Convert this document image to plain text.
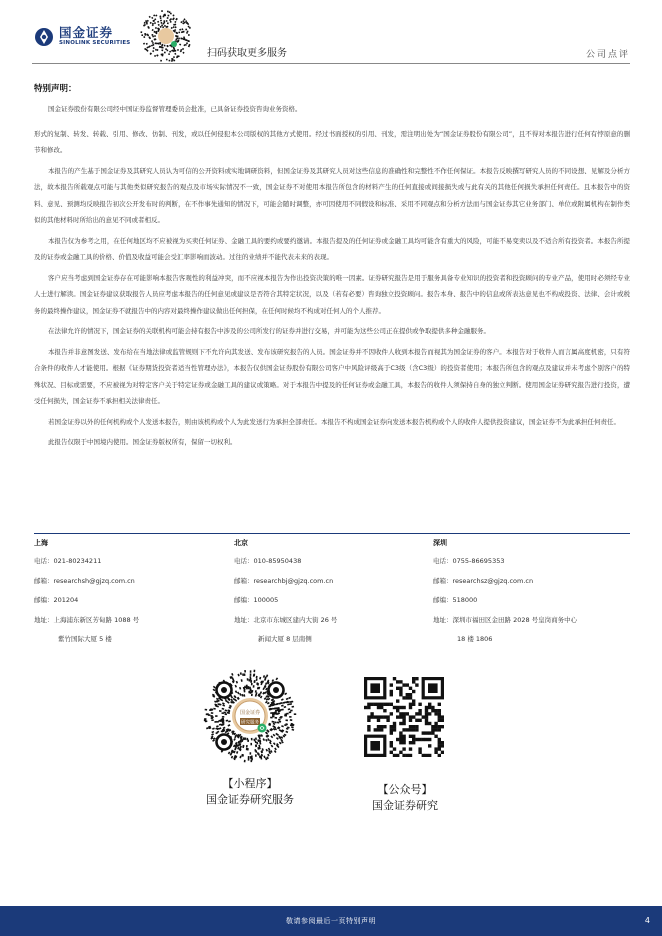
国金证券
SINOLINK SECURITIES
扫码获取更多服务	公司点评
特别声明：

国金证券股份有限公司经中国证券监督管理委员会批准，已具备证券投资咨询业务资格。

形式的复制、转发、转载、引用、修改、仿制、刊发，或以任何侵犯本公司版权的其他方式使用。经过书面授权的引用、刊发，需注明出处为“国金证券股份有限公司”，且不得对本报告进行任何有悖原意的删节和修改。

本报告的产生基于国金证券及其研究人员认为可信的公开资料或实地调研资料，但国金证券及其研究人员对这些信息的准确性和完整性不作任何保证。本报告反映撰写研究人员的不同设想、见解及分析方法，故本报告所载观点可能与其他类似研究报告的观点及市场实际情况不一致，国金证券不对使用本报告所包含的材料产生的任何直接或间接损失或与此有关的其他任何损失承担任何责任。且本报告中的资料、意见、预测均反映报告初次公开发布时的判断，在不作事先通知的情况下，可能会随时调整，亦可因使用不同假设和标准、采用不同观点和分析方法而与国金证券其它业务部门、单位或附属机构在制作类似的其他材料时所给出的意见不同或者相反。

本报告仅为参考之用，在任何地区均不应被视为买卖任何证券、金融工具的要约或要约邀请。本报告提及的任何证券或金融工具均可能含有重大的风险，可能不易变卖以及不适合所有投资者。本报告所提及的证券或金融工具的价格、价值及收益可能会受汇率影响而波动。过往的业绩并不能代表未来的表现。

客户应当考虑到国金证券存在可能影响本报告客观性的利益冲突，而不应视本报告为作出投资决策的唯一因素。证券研究报告是用于服务具备专业知识的投资者和投资顾问的专业产品，使用时必须经专业人士进行解读。国金证券建议获取报告人员应考虑本报告的任何意见或建议是否符合其特定状况，以及（若有必要）咨询独立投资顾问。报告本身、报告中的信息或所表达意见也不构成投资、法律、会计或税务的最终操作建议，国金证券不就报告中的内容对最终操作建议做出任何担保，在任何时候均不构成对任何人的个人推荐。

在法律允许的情况下，国金证券的关联机构可能会持有报告中涉及的公司所发行的证券并进行交易，并可能为这些公司正在提供或争取提供多种金融服务。

本报告并非意图发送、发布给在当地法律或监管规则下不允许向其发送、发布该研究报告的人员。国金证券并不因收件人收到本报告而视其为国金证券的客户。本报告对于收件人而言属高度机密，只有符合条件的收件人才能使用。根据《证券期货投资者适当性管理办法》，本报告仅供国金证券股份有限公司客户中风险评级高于C3级（含C3级）的投资者使用；本报告所包含的观点及建议并未考虑个别客户的特殊状况、目标或需要，不应被视为对特定客户关于特定证券或金融工具的建议或策略。对于本报告中提及的任何证券或金融工具，本报告的收件人须保持自身的独立判断。使用国金证券研究报告进行投资，遭受任何损失，国金证券不承担相关法律责任。

若国金证券以外的任何机构或个人发送本报告，则由该机构或个人为此发送行为承担全部责任。本报告不构成国金证券向发送本报告机构或个人的收件人提供投资建议，国金证券不为此承担任何责任。

此报告仅限于中国境内使用。国金证券版权所有，保留一切权利。

上海
电话：021-80234211
邮箱：researchsh@gjzq.com.cn
邮编：201204
地址：上海浦东新区芳甸路 1088 号
紫竹国际大厦 5 楼
北京
电话：010-85950438
邮箱：researchbj@gjzq.com.cn
邮编：100005
地址：北京市东城区建内大街 26 号
新闻大厦 8 层南侧
深圳
电话：0755-86695353
邮箱：researchsz@gjzq.com.cn
邮编：518000
地址：深圳市福田区金田路 2028 号皇岗商务中心
18 楼 1806
国金证券
研究服务
【小程序】
国金证券研究服务
【公众号】
国金证券研究
敬请参阅最后一页特别声明	4
